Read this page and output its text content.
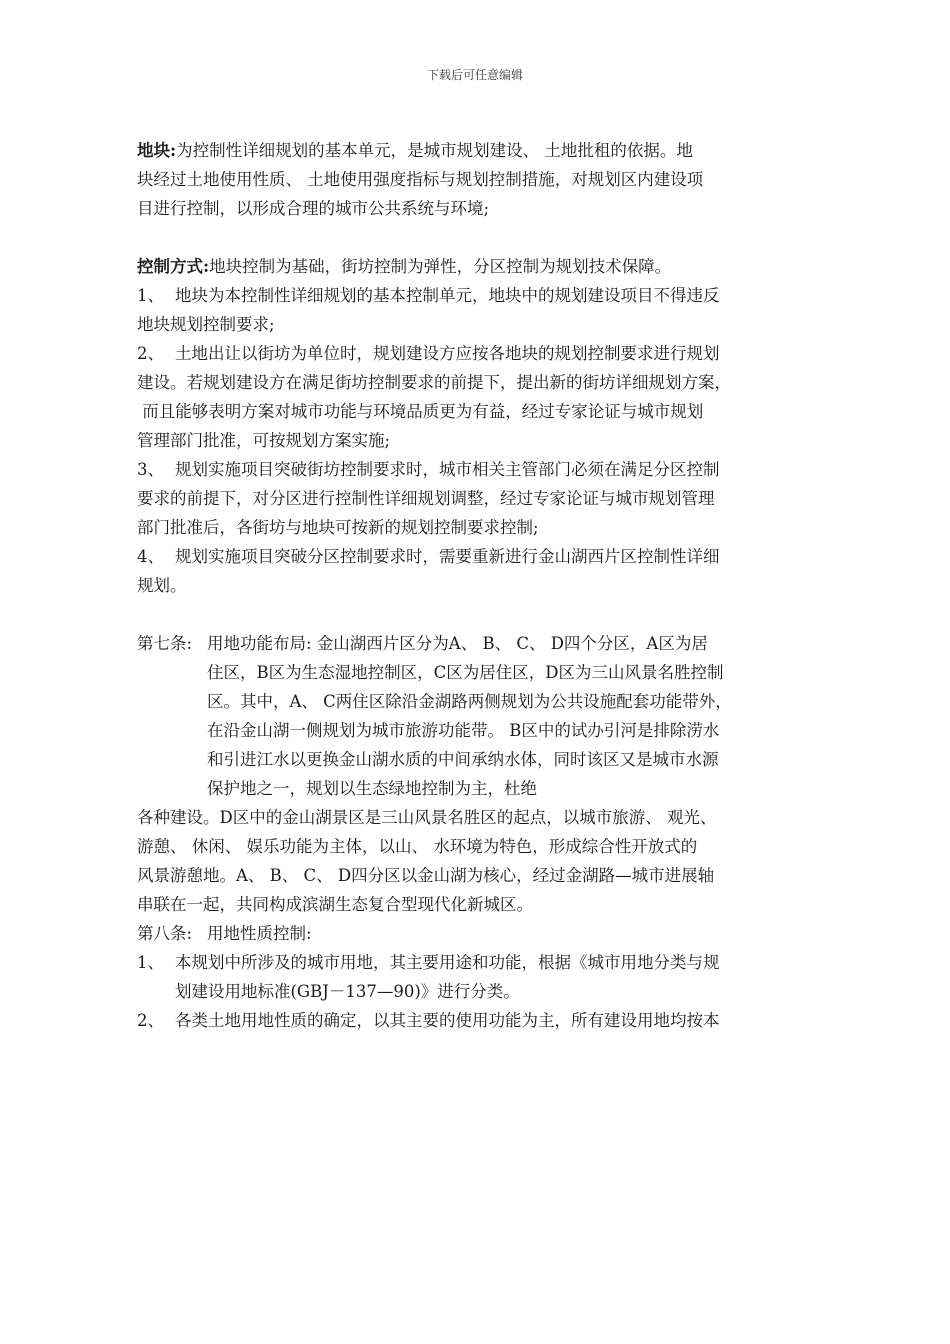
下载后可任意编辑

地块:为控制性详细规划的基本单元，是城市规划建设、 土地批租的依据。地

块经过土地使用性质、 土地使用强度指标与规划控制措施，对规划区内建设项

目进行控制，以形成合理的城市公共系统与环境;

控制方式:地块控制为基础，街坊控制为弹性，分区控制为规划技术保障。

1、 地块为本控制性详细规划的基本控制单元，地块中的规划建设项目不得违反

地块规划控制要求;

2、 土地出让以街坊为单位时，规划建设方应按各地块的规划控制要求进行规划

建设。若规划建设方在满足街坊控制要求的前提下，提出新的街坊详细规划方案，

而且能够表明方案对城市功能与环境品质更为有益，经过专家论证与城市规划

管理部门批准，可按规划方案实施;

3、 规划实施项目突破街坊控制要求时，城市相关主管部门必须在满足分区控制

要求的前提下，对分区进行控制性详细规划调整，经过专家论证与城市规划管理

部门批准后，各街坊与地块可按新的规划控制要求控制;

4、 规划实施项目突破分区控制要求时，需要重新进行金山湖西片区控制性详细

规划。

第七条: 用地功能布局: 金山湖西片区分为A、 B、 C、 D四个分区，A区为居

住区，B区为生态湿地控制区，C区为居住区，D区为三山风景名胜控制

区。其中，A、 C两住区除沿金湖路两侧规划为公共设施配套功能带外，

在沿金山湖一侧规划为城市旅游功能带。 B区中的试办引河是排除涝水

和引进江水以更换金山湖水质的中间承纳水体，同时该区又是城市水源

保护地之一，规划以生态绿地控制为主，杜绝

各种建设。D区中的金山湖景区是三山风景名胜区的起点，以城市旅游、 观光、

游憩、 休闲、 娱乐功能为主体，以山、 水环境为特色，形成综合性开放式的

风景游憩地。A、 B、 C、 D四分区以金山湖为核心，经过金湖路—城市进展轴

串联在一起，共同构成滨湖生态复合型现代化新城区。

第八条: 用地性质控制:
1、 本规划中所涉及的城市用地，其主要用途和功能，根据《城市用地分类与规

划建设用地标准(GBJ－137—90)》进行分类。

2、 各类土地用地性质的确定，以其主要的使用功能为主，所有建设用地均按本
